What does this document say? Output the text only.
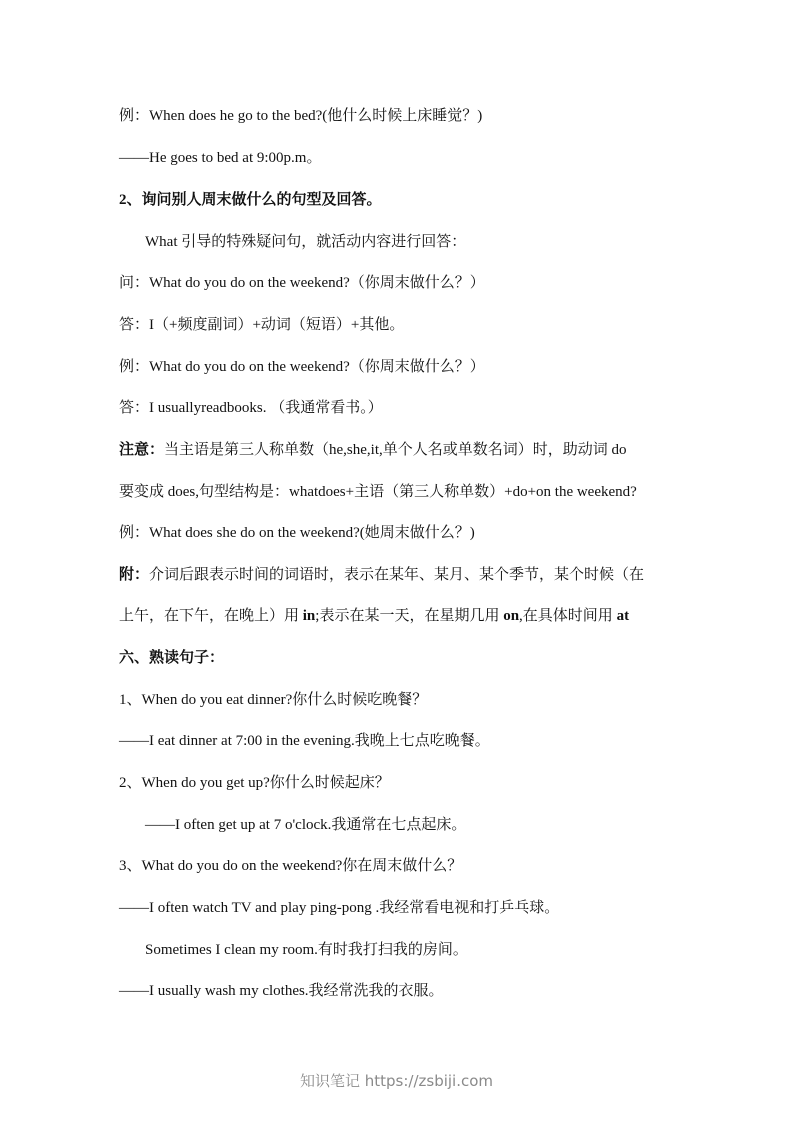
例：When does he go to the bed?(他什么时候上床睡觉？)
——He goes to bed at 9:00p.m。
2、询问别人周末做什么的句型及回答。
What 引导的特殊疑问句，就活动内容进行回答：
问：What do you do on the weekend?（你周末做什么？）
答：I（+频度副词）+动词（短语）+其他。
例：What do you do on the weekend?（你周末做什么？）
答：I usuallyreadbooks. （我通常看书。）
注意：当主语是第三人称单数（he,she,it,单个人名或单数名词）时，助动词 do
要变成 does,句型结构是：whatdoes+主语（第三人称单数）+do+on the weekend?
例：What does she do on the weekend?(她周末做什么？)
附：介词后跟表示时间的词语时，表示在某年、某月、某个季节，某个时候（在
上午，在下午，在晚上）用 in;表示在某一天，在星期几用 on,在具体时间用 at
六、熟读句子：
1、When do you eat dinner?你什么时候吃晚餐？
——I eat dinner at 7:00 in the evening.我晚上七点吃晚餐。
2、When do you get up?你什么时候起床？
——I often get up at 7 o'clock.我通常在七点起床。
3、What do you do on the weekend?你在周末做什么？
——I often watch TV and play ping-pong .我经常看电视和打乒乓球。
Sometimes I clean my room.有时我打扫我的房间。
——I usually wash my clothes.我经常洗我的衣服。
知识笔记 https://zsbiji.com
